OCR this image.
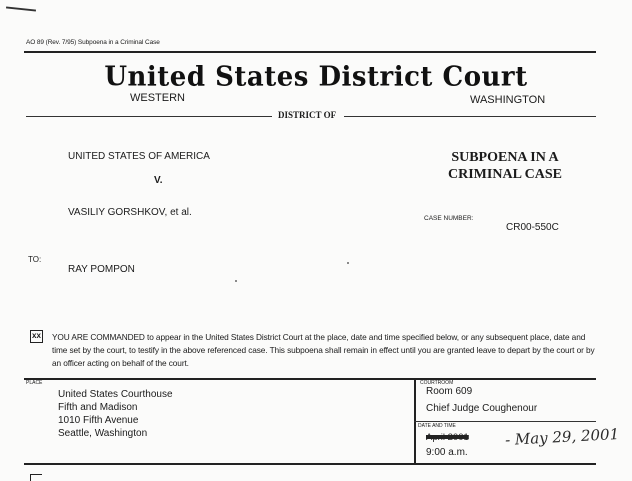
AO 89 (Rev. 7/95) Subpoena in a Criminal Case
United States District Court
WESTERN	WASHINGTON
DISTRICT OF
UNITED STATES OF AMERICA
V.
VASILIY GORSHKOV, et al.
SUBPOENA IN A CRIMINAL CASE
CASE NUMBER:
CR00-550C
TO:
RAY POMPON
xx YOU ARE COMMANDED to appear in the United States District Court at the place, date and time specified below, or any subsequent place, date and time set by the court, to testify in the above referenced case. This subpoena shall remain in effect until you are granted leave to depart by the court or by an officer acting on behalf of the court.
PLACE
United States Courthouse
Fifth and Madison
1010 Fifth Avenue
Seattle, Washington
COURTROOM
Room 609
Chief Judge Coughenour
DATE AND TIME
April 2001 - May 29, 2001
9:00 a.m.
